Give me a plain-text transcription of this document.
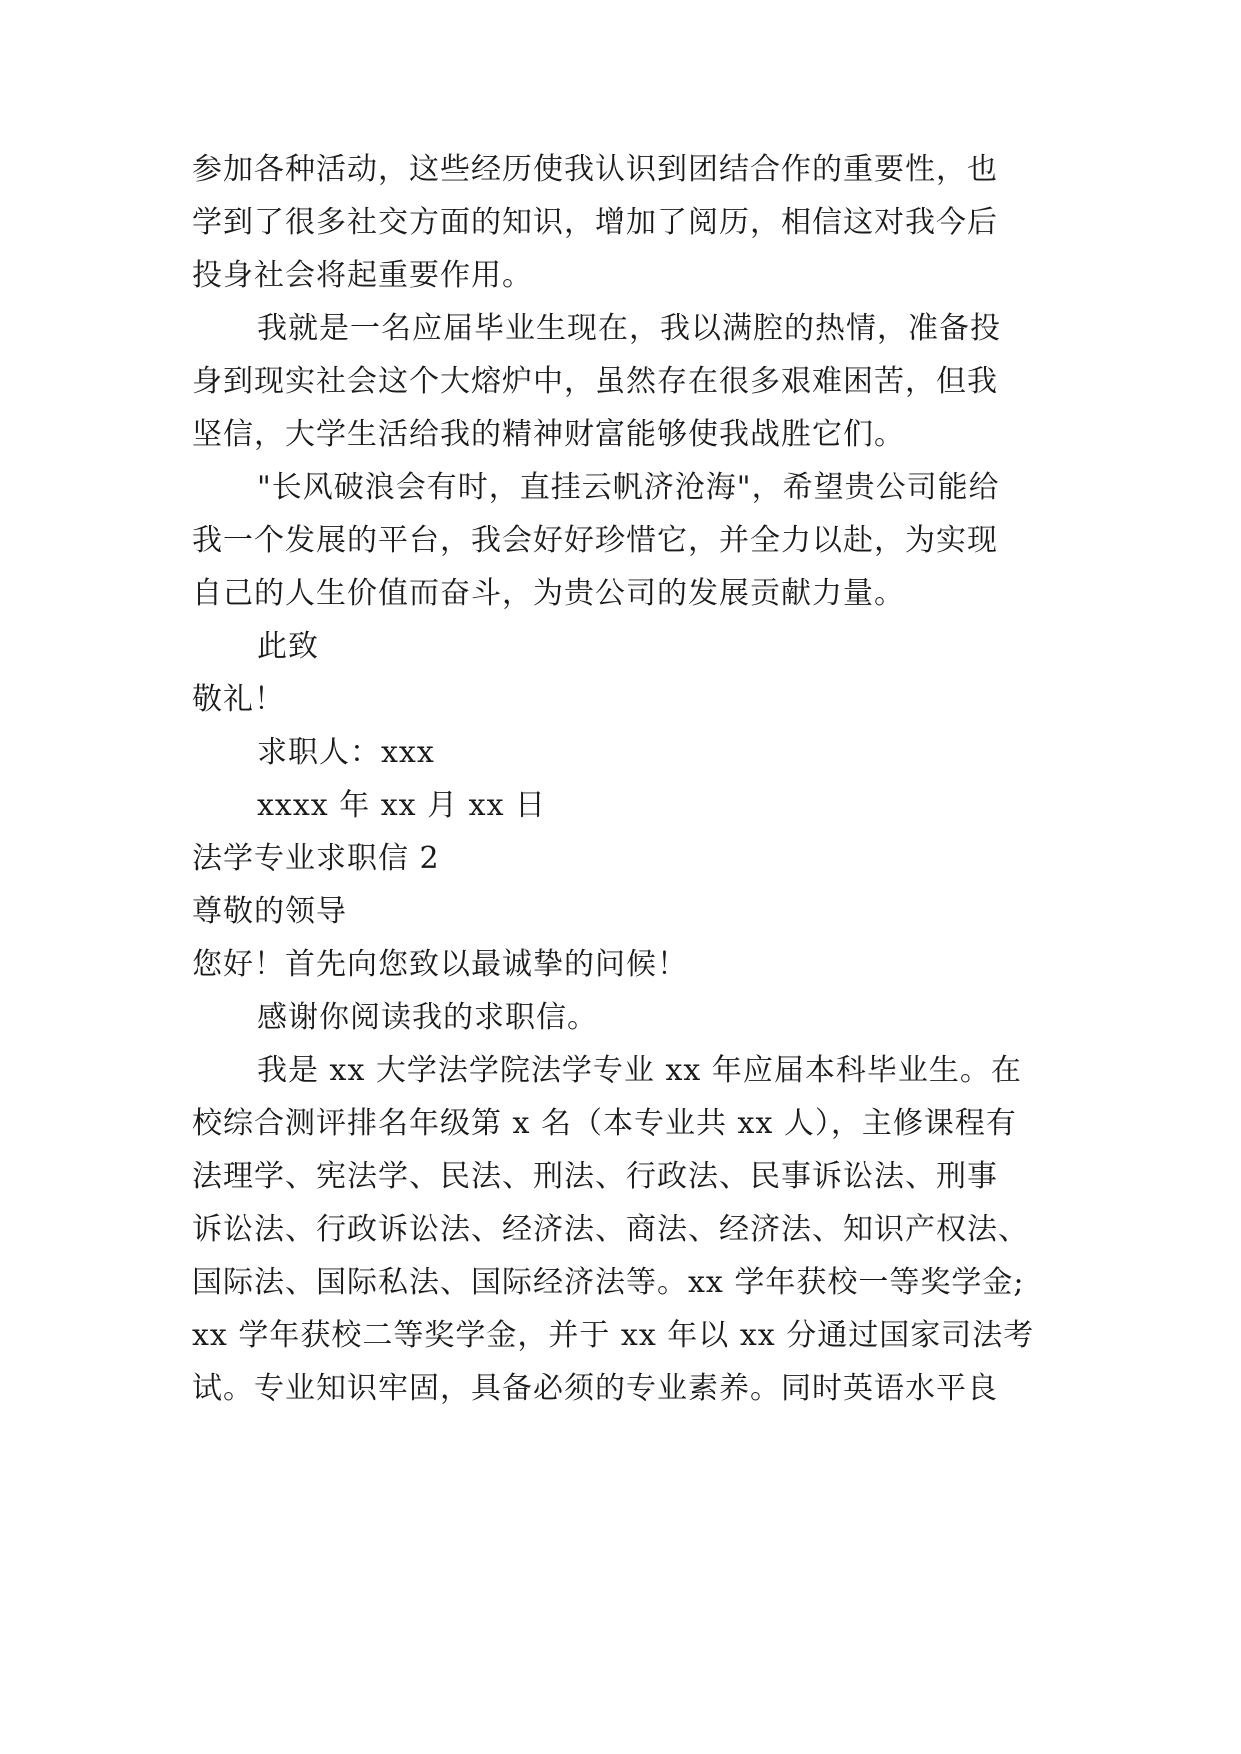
参加各种活动，这些经历使我认识到团结合作的重要性，也
学到了很多社交方面的知识，增加了阅历，相信这对我今后
投身社会将起重要作用。
我就是一名应届毕业生现在，我以满腔的热情，准备投
身到现实社会这个大熔炉中，虽然存在很多艰难困苦，但我
坚信，大学生活给我的精神财富能够使我战胜它们。
"长风破浪会有时，直挂云帆济沧海"，希望贵公司能给
我一个发展的平台，我会好好珍惜它，并全力以赴，为实现
自己的人生价值而奋斗，为贵公司的发展贡献力量。
此致
敬礼！
求职人：xxx
xxxx 年 xx 月 xx 日
法学专业求职信 2
尊敬的领导
您好！首先向您致以最诚挚的问候！
感谢你阅读我的求职信。
我是 xx 大学法学院法学专业 xx 年应届本科毕业生。在
校综合测评排名年级第 x 名（本专业共 xx 人），主修课程有
法理学、宪法学、民法、刑法、行政法、民事诉讼法、刑事
诉讼法、行政诉讼法、经济法、商法、经济法、知识产权法、
国际法、国际私法、国际经济法等。xx 学年获校一等奖学金;
xx 学年获校二等奖学金，并于 xx 年以 xx 分通过国家司法考
试。专业知识牢固，具备必须的专业素养。同时英语水平良
